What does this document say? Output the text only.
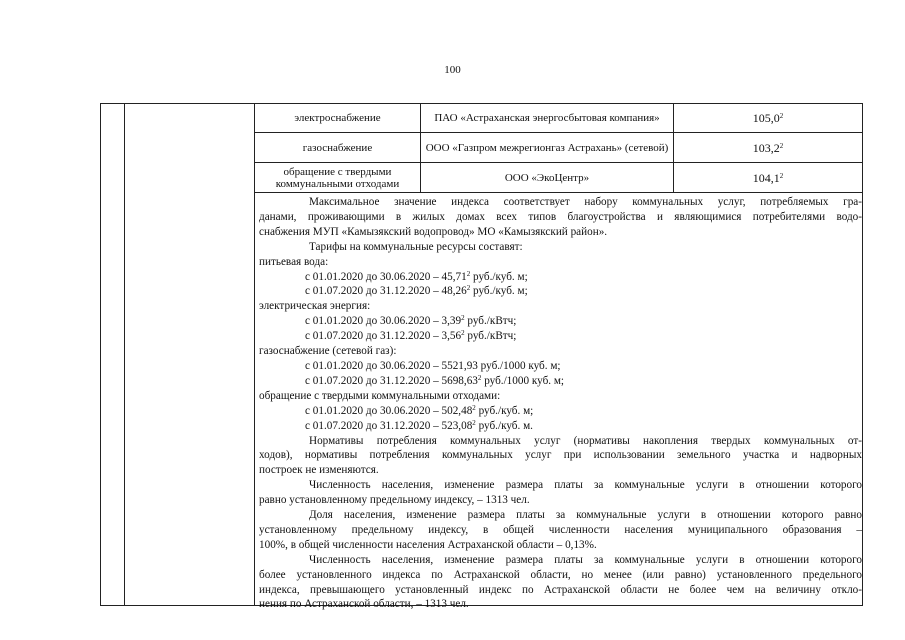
100
электроснабжение	ПАО «Астраханская энергосбытовая компания»	105,0$^2$
газоснабжение	ООО «Газпром межрегионгаз Астрахань» (сетевой)	103,2$^2$
обращение с твердыми коммунальными отходами	ООО «ЭкоЦентр»	104,1$^2$

Максимальное значение индекса соответствует набору коммунальных услуг, потребляемых гра-

данами, проживающими в жилых домах всех типов благоустройства и являющимися потребителями водо-

снабжения МУП «Камызякский водопровод» МО «Камызякский район».

Тарифы на коммунальные ресурсы составят:

питьевая вода:

с 01.01.2020 до 30.06.2020 – 45,71$^2$ руб./куб. м;

с 01.07.2020 до 31.12.2020 – 48,26$^2$ руб./куб. м;

электрическая энергия:

с 01.01.2020 до 30.06.2020 – 3,39$^2$ руб./кВтч;

с 01.07.2020 до 31.12.2020 – 3,56$^2$ руб./кВтч;

газоснабжение (сетевой газ):

с 01.01.2020 до 30.06.2020 – 5521,93 руб./1000 куб. м;

с 01.07.2020 до 31.12.2020 – 5698,63$^2$ руб./1000 куб. м;

обращение с твердыми коммунальными отходами:

с 01.01.2020 до 30.06.2020 – 502,48$^2$ руб./куб. м;

с 01.07.2020 до 31.12.2020 – 523,08$^2$ руб./куб. м.

Нормативы потребления коммунальных услуг (нормативы накопления твердых коммунальных от-

ходов), нормативы потребления коммунальных услуг при использовании земельного участка и надворных

построек не изменяются.

Численность населения, изменение размера платы за коммунальные услуги в отношении которого

равно установленному предельному индексу, – 1313 чел.

Доля населения, изменение размера платы за коммунальные услуги в отношении которого равно

установленному предельному индексу, в общей численности населения муниципального образования –

100%, в общей численности населения Астраханской области – 0,13%.

Численность населения, изменение размера платы за коммунальные услуги в отношении которого

более установленного индекса по Астраханской области, но менее (или равно) установленного предельного

индекса, превышающего установленный индекс по Астраханской области не более чем на величину откло-

нения по Астраханской области, – 1313 чел.
